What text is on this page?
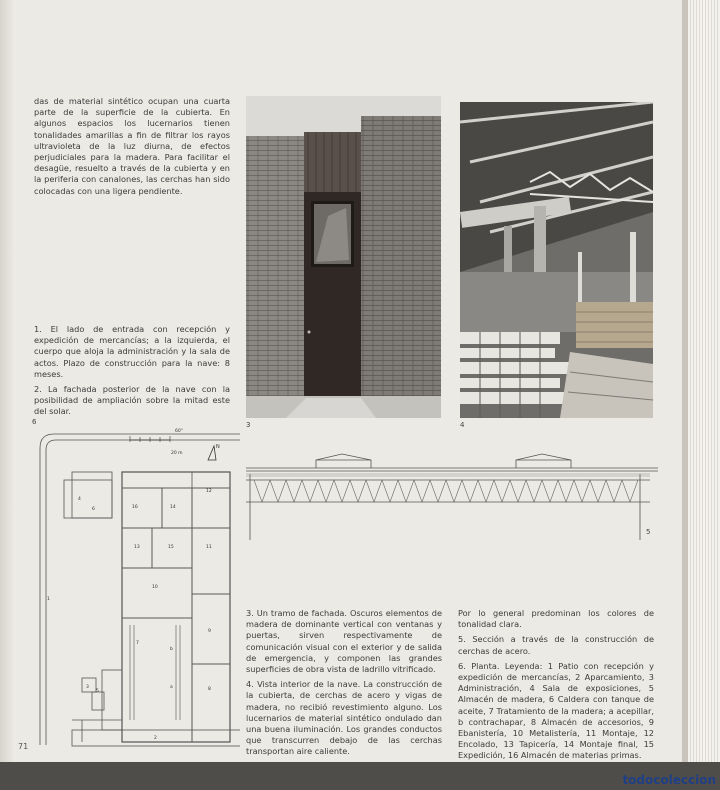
das de material sintético ocupan una cuarta parte de la superficie de la cubierta. En algunos espacios los lucernarios tienen tonalidades amarillas a fin de filtrar los rayos ultravioleta de la luz diurna, de efectos perjudiciales para la madera. Para facilitar el desagüe, resuelto a través de la cubierta y en la periferia con canalones, las cerchas han sido colocadas con una ligera pendiente.

1. El lado de entrada con recepción y expedición de mercancías; a la izquierda, el cuerpo que aloja la administración y la sala de actos. Plazo de construcción para la nave: 8 meses.

2. La fachada posterior de la nave con la posibilidad de ampliación sobre la mitad este del solar.

3	4
6
20 m
60°
N
1
2
3
4
5
6
7
8
9
10
11
12
13
14
15
16
a
b
5

3. Un tramo de fachada. Oscuros elementos de madera de dominante vertical con ventanas y puertas, sirven respectivamente de comunicación visual con el exterior y de salida de emergencia, y componen las grandes superficies de obra vista de ladrillo vitrificado.

4. Vista interior de la nave. La construcción de la cubierta, de cerchas de acero y vigas de madera, no recibió revestimiento alguno. Los lucernarios de material sintético ondulado dan una buena iluminación. Los grandes conductos que transcurren debajo de las cerchas transportan aire caliente.

Por lo general predominan los colores de tonalidad clara.

5. Sección a través de la construcción de cerchas de acero.

6. Planta. Leyenda: 1 Patio con recepción y expedición de mercancías, 2 Aparcamiento, 3 Administración, 4 Sala de exposiciones, 5 Almacén de madera, 6 Caldera con tanque de aceite, 7 Tratamiento de la madera; a acepillar, b contrachapar, 8 Almacén de accesorios, 9 Ebanistería, 10 Metalistería, 11 Montaje, 12 Encolado, 13 Tapicería, 14 Montaje final, 15 Expedición, 16 Almacén de materias primas.

71
todocoleccion
